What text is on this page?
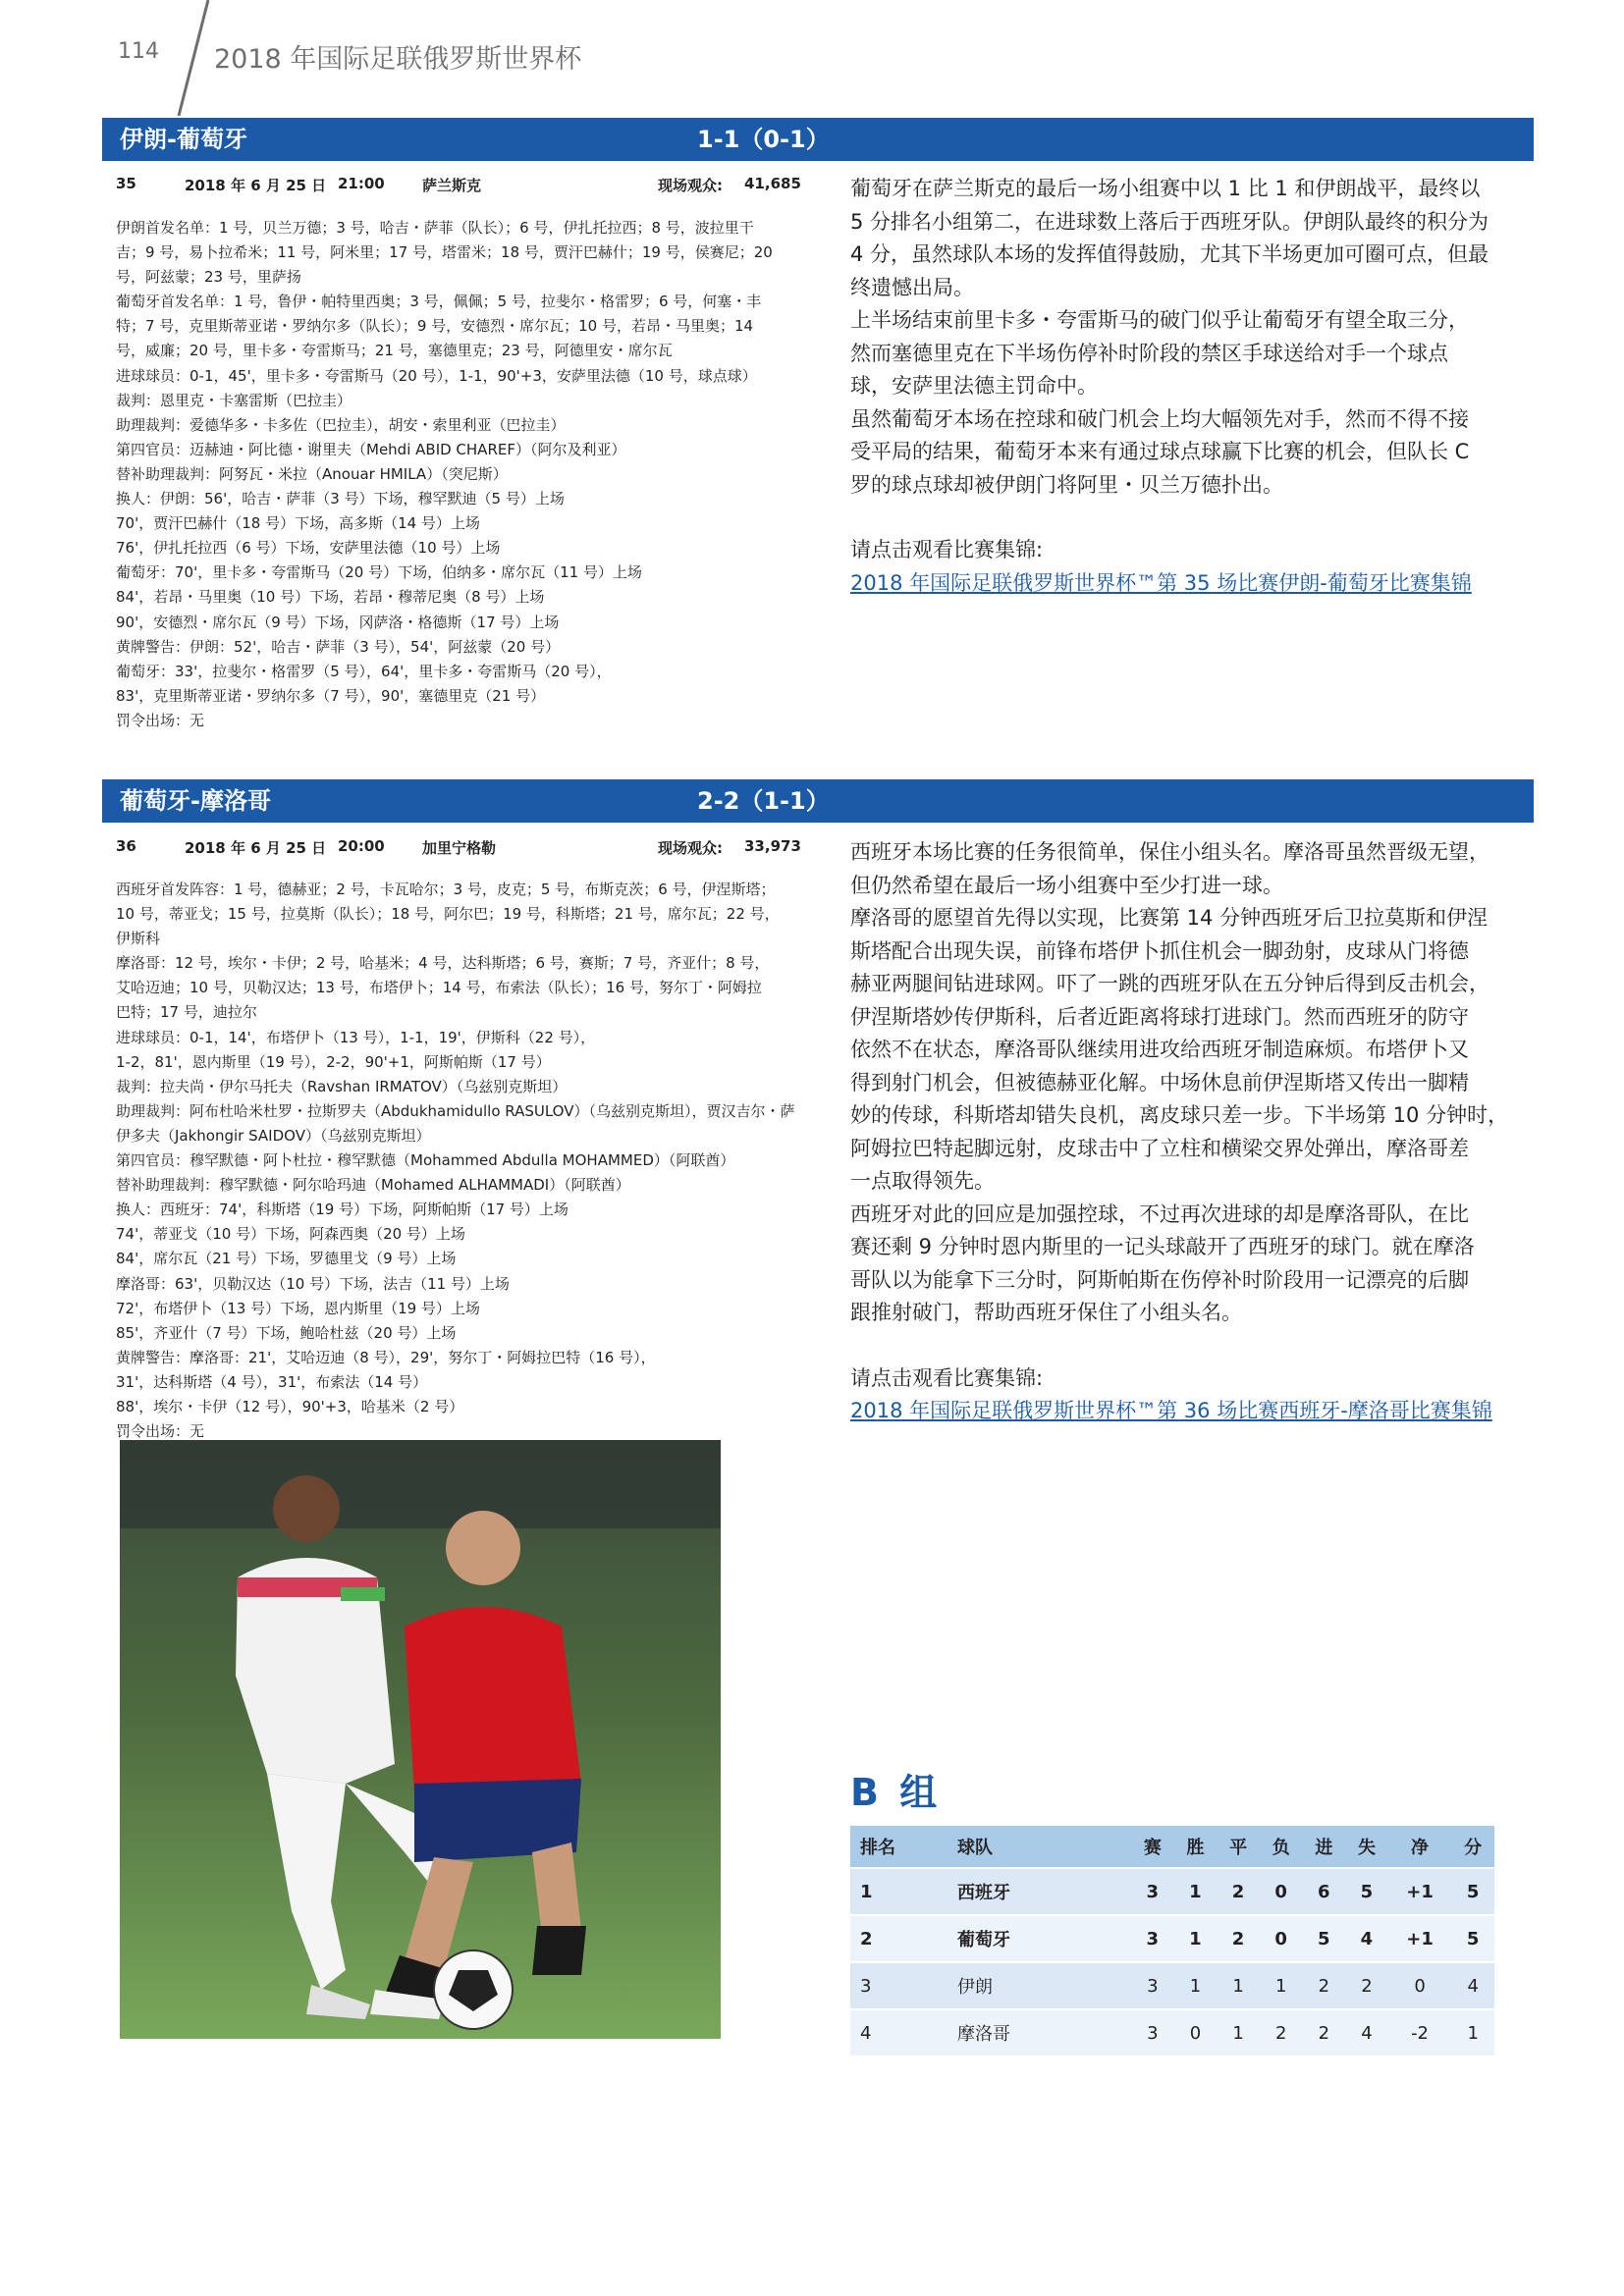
114 2018 年国际足联俄罗斯世界杯
伊朗-葡萄牙	1-1（0-1）
35	2018 年 6 月 25 日 21:00	萨兰斯克	现场观众: 41,685

伊朗首发名单：1 号，贝兰万德；3 号，哈吉・萨菲（队长）；6 号，伊扎托拉西；8 号，波拉里干

吉；9 号，易卜拉希米；11 号，阿米里；17 号，塔雷米；18 号，贾汗巴赫什；19 号，侯赛尼；20

号，阿兹蒙；23 号，里萨扬

葡萄牙首发名单：1 号，鲁伊・帕特里西奥；3 号，佩佩；5 号，拉斐尔・格雷罗；6 号，何塞・丰

特；7 号，克里斯蒂亚诺・罗纳尔多（队长）；9 号，安德烈・席尔瓦；10 号，若昂・马里奥；14

号，威廉；20 号，里卡多・夸雷斯马；21 号，塞德里克；23 号，阿德里安・席尔瓦

进球球员：0-1，45'，里卡多・夸雷斯马（20 号），1-1，90'+3，安萨里法德（10 号，球点球）

裁判：恩里克・卡塞雷斯（巴拉圭）

助理裁判：爱德华多・卡多佐（巴拉圭），胡安・索里利亚（巴拉圭）

第四官员：迈赫迪・阿比德・谢里夫（Mehdi ABID CHAREF）（阿尔及利亚）

替补助理裁判：阿努瓦・米拉（Anouar HMILA）（突尼斯）

换人：伊朗：56'，哈吉・萨菲（3 号）下场，穆罕默迪（5 号）上场

70'，贾汗巴赫什（18 号）下场，高多斯（14 号）上场

76'，伊扎托拉西（6 号）下场，安萨里法德（10 号）上场

葡萄牙：70'，里卡多・夸雷斯马（20 号）下场，伯纳多・席尔瓦（11 号）上场

84'，若昂・马里奥（10 号）下场，若昂・穆蒂尼奥（8 号）上场

90'，安德烈・席尔瓦（9 号）下场，冈萨洛・格德斯（17 号）上场

黄牌警告：伊朗：52'，哈吉・萨菲（3 号），54'，阿兹蒙（20 号）

葡萄牙：33'，拉斐尔・格雷罗（5 号），64'，里卡多・夸雷斯马（20 号），

83'，克里斯蒂亚诺・罗纳尔多（7 号），90'，塞德里克（21 号）

罚令出场：无

葡萄牙在萨兰斯克的最后一场小组赛中以 1 比 1 和伊朗战平，最终以

5 分排名小组第二，在进球数上落后于西班牙队。伊朗队最终的积分为

4 分，虽然球队本场的发挥值得鼓励，尤其下半场更加可圈可点，但最

终遗憾出局。

上半场结束前里卡多・夸雷斯马的破门似乎让葡萄牙有望全取三分，

然而塞德里克在下半场伤停补时阶段的禁区手球送给对手一个球点

球，安萨里法德主罚命中。

虽然葡萄牙本场在控球和破门机会上均大幅领先对手，然而不得不接

受平局的结果，葡萄牙本来有通过球点球赢下比赛的机会，但队长 C

罗的球点球却被伊朗门将阿里・贝兰万德扑出。

请点击观看比赛集锦:

2018 年国际足联俄罗斯世界杯™第 35 场比赛伊朗-葡萄牙比赛集锦

葡萄牙-摩洛哥	2-2（1-1）
36	2018 年 6 月 25 日 20:00	加里宁格勒	现场观众: 33,973

西班牙首发阵容：1 号，德赫亚；2 号，卡瓦哈尔；3 号，皮克；5 号，布斯克茨；6 号，伊涅斯塔；

10 号，蒂亚戈；15 号，拉莫斯（队长）；18 号，阿尔巴；19 号，科斯塔；21 号，席尔瓦；22 号，

伊斯科

摩洛哥：12 号，埃尔・卡伊；2 号，哈基米；4 号，达科斯塔；6 号，赛斯；7 号，齐亚什；8 号，

艾哈迈迪；10 号，贝勒汉达；13 号，布塔伊卜；14 号，布索法（队长）；16 号，努尔丁・阿姆拉

巴特；17 号，迪拉尔

进球球员：0-1，14'，布塔伊卜（13 号），1-1，19'，伊斯科（22 号），

1-2，81'，恩内斯里（19 号），2-2，90'+1，阿斯帕斯（17 号）

裁判：拉夫尚・伊尔马托夫（Ravshan IRMATOV）（乌兹别克斯坦）

助理裁判：阿布杜哈米杜罗・拉斯罗夫（Abdukhamidullo RASULOV）（乌兹别克斯坦），贾汉吉尔・萨

伊多夫（Jakhongir SAIDOV）（乌兹别克斯坦）

第四官员：穆罕默德・阿卜杜拉・穆罕默德（Mohammed Abdulla MOHAMMED）（阿联酋）

替补助理裁判：穆罕默德・阿尔哈玛迪（Mohamed ALHAMMADI）（阿联酋）

换人：西班牙：74'，科斯塔（19 号）下场，阿斯帕斯（17 号）上场

74'，蒂亚戈（10 号）下场，阿森西奥（20 号）上场

84'，席尔瓦（21 号）下场，罗德里戈（9 号）上场

摩洛哥：63'，贝勒汉达（10 号）下场，法吉（11 号）上场

72'，布塔伊卜（13 号）下场，恩内斯里（19 号）上场

85'，齐亚什（7 号）下场，鲍哈杜兹（20 号）上场

黄牌警告：摩洛哥：21'，艾哈迈迪（8 号），29'，努尔丁・阿姆拉巴特（16 号），

31'，达科斯塔（4 号），31'，布索法（14 号）

88'，埃尔・卡伊（12 号），90'+3，哈基米（2 号）

罚令出场：无

西班牙本场比赛的任务很简单，保住小组头名。摩洛哥虽然晋级无望，

但仍然希望在最后一场小组赛中至少打进一球。

摩洛哥的愿望首先得以实现，比赛第 14 分钟西班牙后卫拉莫斯和伊涅

斯塔配合出现失误，前锋布塔伊卜抓住机会一脚劲射，皮球从门将德

赫亚两腿间钻进球网。吓了一跳的西班牙队在五分钟后得到反击机会，

伊涅斯塔妙传伊斯科，后者近距离将球打进球门。然而西班牙的防守

依然不在状态，摩洛哥队继续用进攻给西班牙制造麻烦。布塔伊卜又

得到射门机会，但被德赫亚化解。中场休息前伊涅斯塔又传出一脚精

妙的传球，科斯塔却错失良机，离皮球只差一步。下半场第 10 分钟时，

阿姆拉巴特起脚远射，皮球击中了立柱和横梁交界处弹出，摩洛哥差

一点取得领先。

西班牙对此的回应是加强控球，不过再次进球的却是摩洛哥队，在比

赛还剩 9 分钟时恩内斯里的一记头球敲开了西班牙的球门。就在摩洛

哥队以为能拿下三分时，阿斯帕斯在伤停补时阶段用一记漂亮的后脚

跟推射破门，帮助西班牙保住了小组头名。

请点击观看比赛集锦:

2018 年国际足联俄罗斯世界杯™第 36 场比赛西班牙-摩洛哥比赛集锦

B 组
排名	球队	赛	胜	平	负	进	失	净	分
1	西班牙	3	1	2	0	6	5	+1	5
2	葡萄牙	3	1	2	0	5	4	+1	5
3	伊朗	3	1	1	1	2	2	0	4
4	摩洛哥	3	0	1	2	2	4	-2	1
